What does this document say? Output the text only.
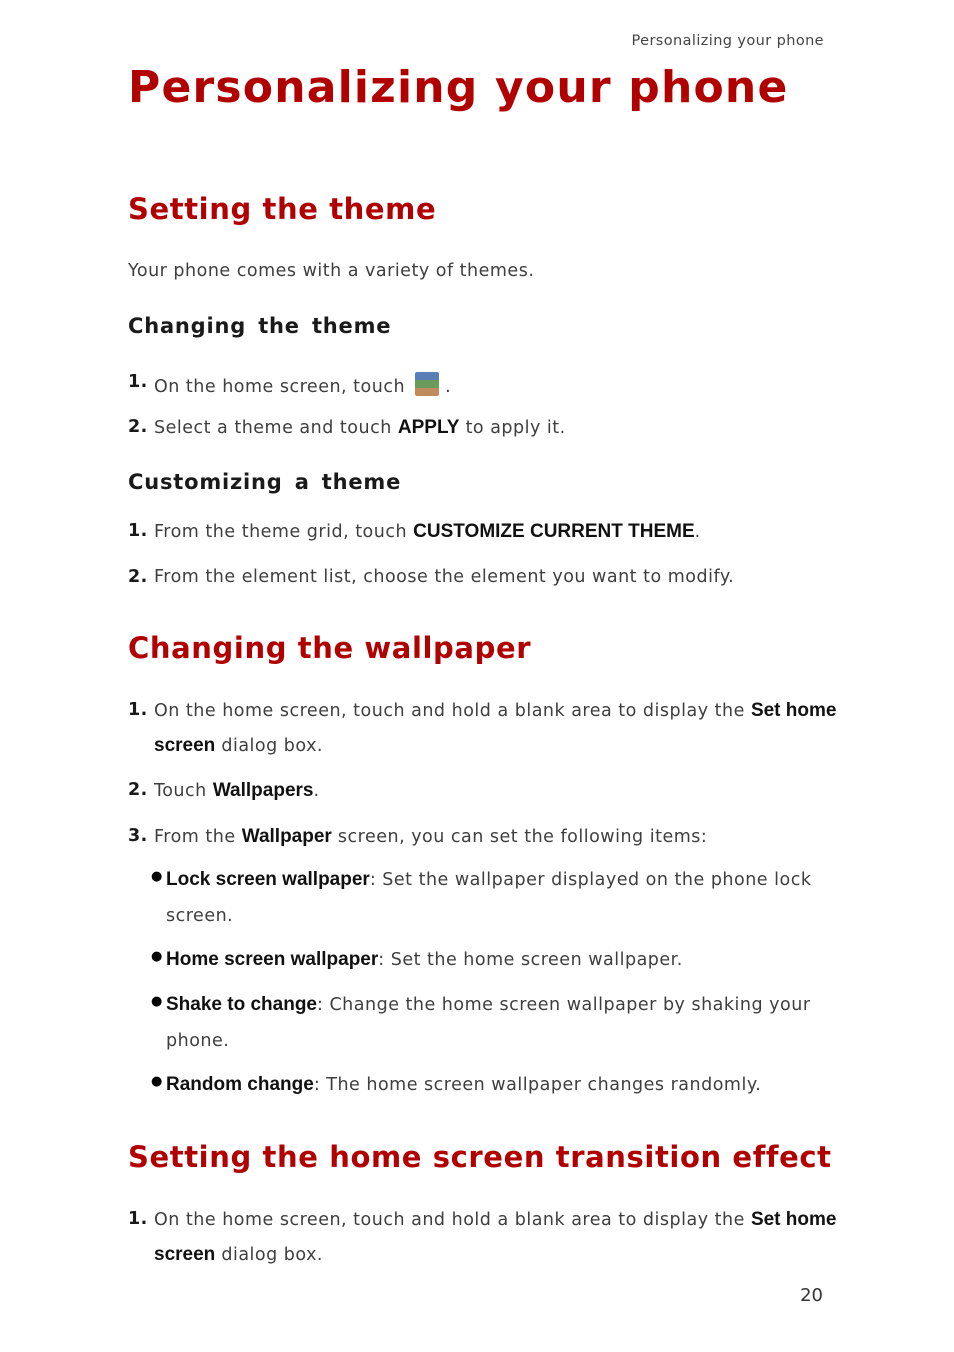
Personalizing your phone
Personalizing your phone
Setting the theme
Your phone comes with a variety of themes.
Changing the theme
1. On the home screen, touch .
2. Select a theme and touch APPLY to apply it.
Customizing a theme
1. From the theme grid, touch CUSTOMIZE CURRENT THEME.
2. From the element list, choose the element you want to modify.
Changing the wallpaper
1. On the home screen, touch and hold a blank area to display the Set home
screen dialog box.
2. Touch Wallpapers.
3. From the Wallpaper screen, you can set the following items:
● Lock screen wallpaper: Set the wallpaper displayed on the phone lock
screen.
● Home screen wallpaper: Set the home screen wallpaper.
● Shake to change: Change the home screen wallpaper by shaking your
phone.
● Random change: The home screen wallpaper changes randomly.
Setting the home screen transition effect
1. On the home screen, touch and hold a blank area to display the Set home
screen dialog box.
20
